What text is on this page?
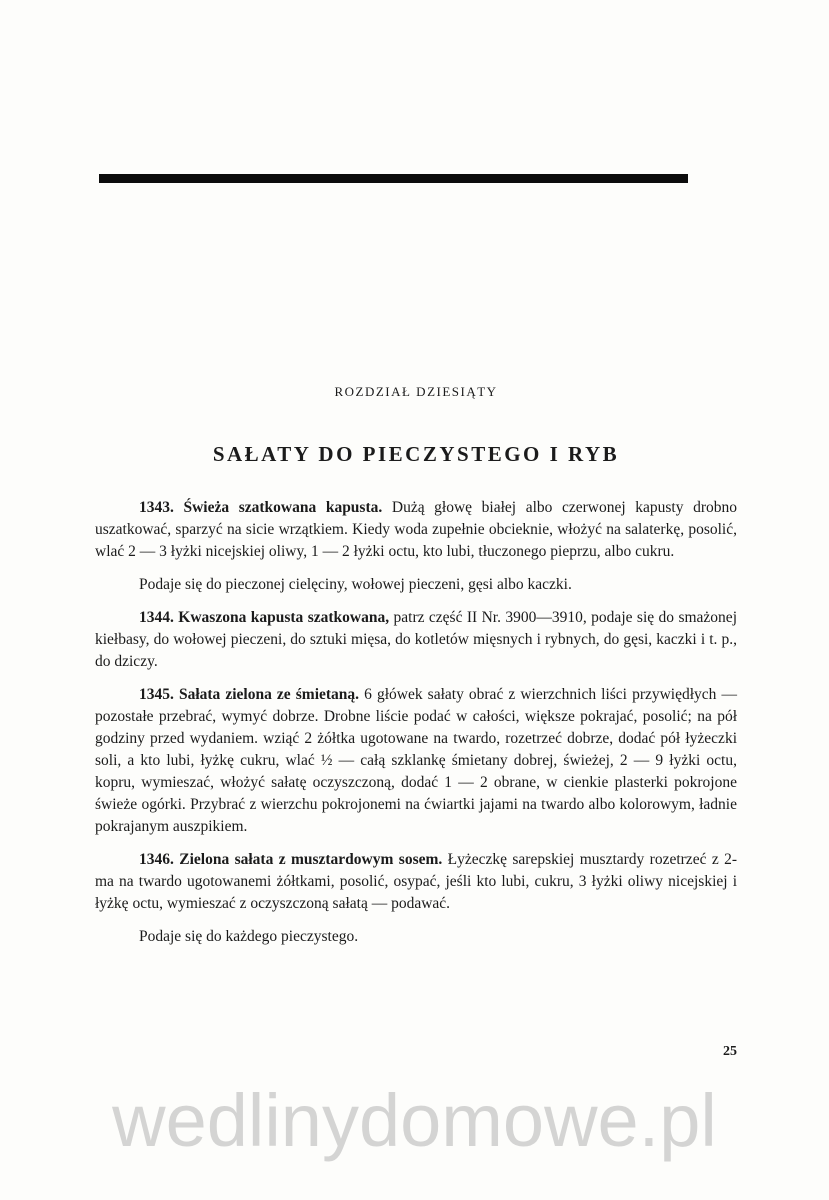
ROZDZIAŁ DZIESIĄTY
SAŁATY DO PIECZYSTEGO I RYB

1343. Świeża szatkowana kapusta. Dużą głowę białej albo czerwonej kapusty drobno uszatkować, sparzyć na sicie wrzątkiem. Kiedy woda zupełnie obcieknie, włożyć na salaterkę, posolić, wlać 2 — 3 łyżki nicejskiej oliwy, 1 — 2 łyżki octu, kto lubi, tłuczonego pieprzu, albo cukru.

Podaje się do pieczonej cielęciny, wołowej pieczeni, gęsi albo kaczki.

1344. Kwaszona kapusta szatkowana, patrz część II Nr. 3900—3910, podaje się do smażonej kiełbasy, do wołowej pieczeni, do sztuki mięsa, do kotletów mięsnych i rybnych, do gęsi, kaczki i t. p., do dziczy.

1345. Sałata zielona ze śmietaną. 6 główek sałaty obrać z wierzchnich liści przywiędłych — pozostałe przebrać, wymyć dobrze. Drobne liście podać w całości, większe pokrajać, posolić; na pół godziny przed wydaniem. wziąć 2 żółtka ugotowane na twardo, rozetrzeć dobrze, dodać pół łyżeczki soli, a kto lubi, łyżkę cukru, wlać ½ — całą szklankę śmietany dobrej, świeżej, 2 — 9 łyżki octu, kopru, wymieszać, włożyć sałatę oczyszczoną, dodać 1 — 2 obrane, w cienkie plasterki pokrojone świeże ogórki. Przybrać z wierzchu pokrojonemi na ćwiartki jajami na twardo albo kolorowym, ładnie pokrajanym auszpikiem.

1346. Zielona sałata z musztardowym sosem. Łyżeczkę sarepskiej musztardy rozetrzeć z 2-ma na twardo ugotowanemi żółtkami, posolić, osypać, jeśli kto lubi, cukru, 3 łyżki oliwy nicejskiej i łyżkę octu, wymieszać z oczyszczoną sałatą — podawać.

Podaje się do każdego pieczystego.

25
wedlinydomowe.pl
